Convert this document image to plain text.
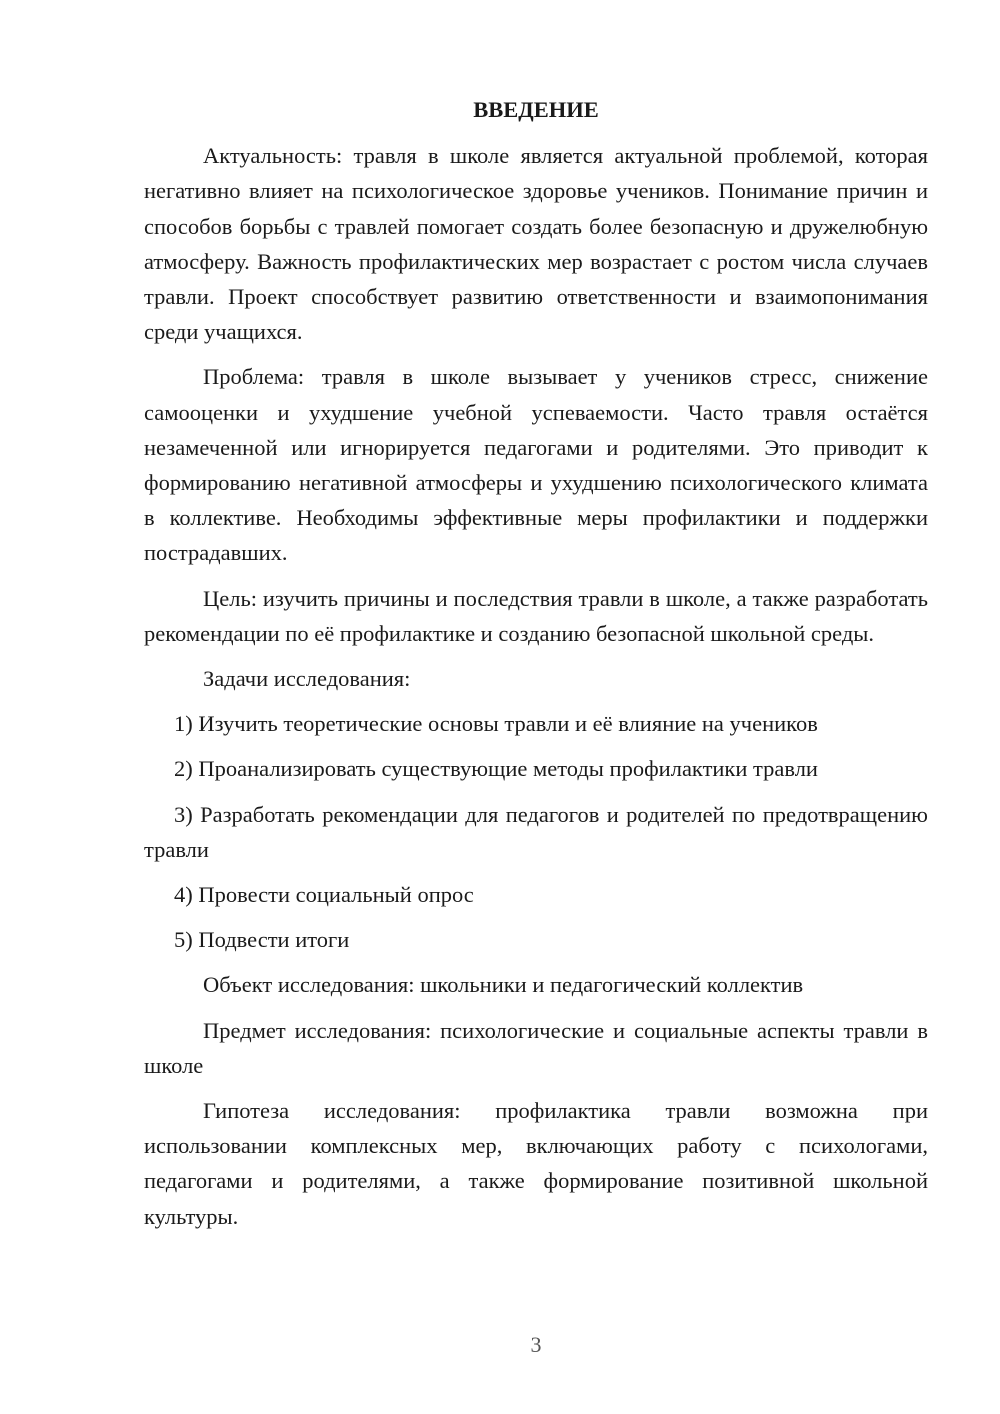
ВВЕДЕНИЕ

Актуальность: травля в школе является актуальной проблемой, которая негативно влияет на психологическое здоровье учеников. Понимание причин и способов борьбы с травлей помогает создать более безопасную и дружелюбную атмосферу. Важность профилактических мер возрастает с ростом числа случаев травли. Проект способствует развитию ответственности и взаимопонимания среди учащихся.

Проблема: травля в школе вызывает у учеников стресс, снижение самооценки и ухудшение учебной успеваемости. Часто травля остаётся незамеченной или игнорируется педагогами и родителями. Это приводит к формированию негативной атмосферы и ухудшению психологического климата в коллективе. Необходимы эффективные меры профилактики и поддержки пострадавших.

Цель: изучить причины и последствия травли в школе, а также разработать рекомендации по её профилактике и созданию безопасной школьной среды.

Задачи исследования:

1) Изучить теоретические основы травли и её влияние на учеников

2) Проанализировать существующие методы профилактики травли

3) Разработать рекомендации для педагогов и родителей по предотвращению травли

4) Провести социальный опрос

5) Подвести итоги

Объект исследования: школьники и педагогический коллектив

Предмет исследования: психологические и социальные аспекты травли в школе

Гипотеза исследования: профилактика травли возможна при использовании комплексных мер, включающих работу с психологами, педагогами и родителями, а также формирование позитивной школьной культуры.

3
